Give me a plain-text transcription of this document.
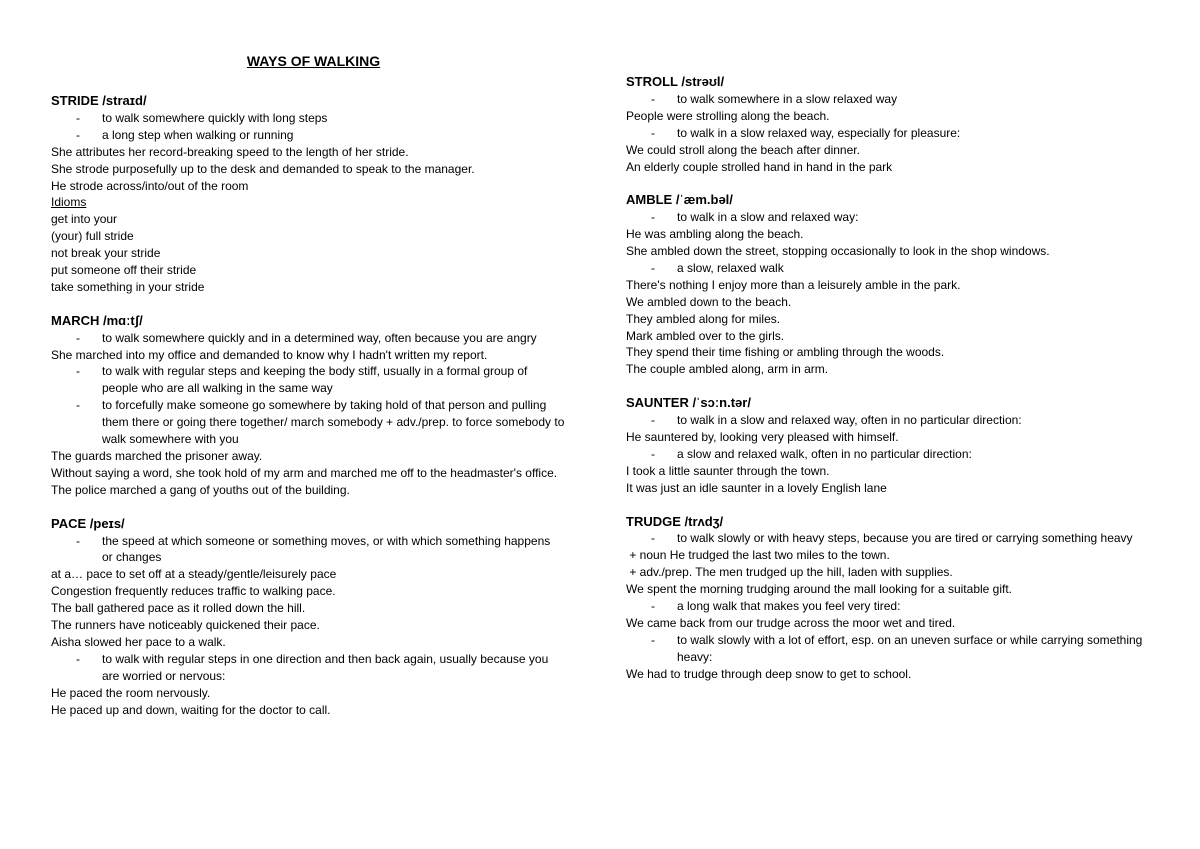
WAYS OF WALKING
STRIDE /straɪd/
- to walk somewhere quickly with long steps
- a long step when walking or running
She attributes her record-breaking speed to the length of her stride.
She strode purposefully up to the desk and demanded to speak to the manager.
He strode across/into/out of the room
Idioms
get into your
(your) full stride
not break your stride
put someone off their stride
take something in your stride
MARCH /mɑːtʃ/
- to walk somewhere quickly and in a determined way, often because you are angry
She marched into my office and demanded to know why I hadn't written my report.
- to walk with regular steps and keeping the body stiff, usually in a formal group of people who are all walking in the same way
- to forcefully make someone go somewhere by taking hold of that person and pulling them there or going there together/ march somebody + adv./prep. to force somebody to walk somewhere with you
The guards marched the prisoner away.
Without saying a word, she took hold of my arm and marched me off to the headmaster's office.
The police marched a gang of youths out of the building.
PACE /peɪs/
- the speed at which someone or something moves, or with which something happens or changes
at a… pace to set off at a steady/gentle/leisurely pace
Congestion frequently reduces traffic to walking pace.
The ball gathered pace as it rolled down the hill.
The runners have noticeably quickened their pace.
Aisha slowed her pace to a walk.
- to walk with regular steps in one direction and then back again, usually because you are worried or nervous:
He paced the room nervously.
He paced up and down, waiting for the doctor to call.
STROLL /strəʊl/
- to walk somewhere in a slow relaxed way
People were strolling along the beach.
- to walk in a slow relaxed way, especially for pleasure:
We could stroll along the beach after dinner.
An elderly couple strolled hand in hand in the park
AMBLE /ˈæm.bəl/
- to walk in a slow and relaxed way:
He was ambling along the beach.
She ambled down the street, stopping occasionally to look in the shop windows.
- a slow, relaxed walk
There's nothing I enjoy more than a leisurely amble in the park.
We ambled down to the beach.
They ambled along for miles.
Mark ambled over to the girls.
They spend their time fishing or ambling through the woods.
The couple ambled along, arm in arm.
SAUNTER /ˈsɔːn.tər/
- to walk in a slow and relaxed way, often in no particular direction:
He sauntered by, looking very pleased with himself.
- a slow and relaxed walk, often in no particular direction:
I took a little saunter through the town.
It was just an idle saunter in a lovely English lane
TRUDGE /trʌdʒ/
- to walk slowly or with heavy steps, because you are tired or carrying something heavy
+ noun He trudged the last two miles to the town.
+ adv./prep. The men trudged up the hill, laden with supplies.
We spent the morning trudging around the mall looking for a suitable gift.
- a long walk that makes you feel very tired:
We came back from our trudge across the moor wet and tired.
- to walk slowly with a lot of effort, esp. on an uneven surface or while carrying something heavy:
We had to trudge through deep snow to get to school.
